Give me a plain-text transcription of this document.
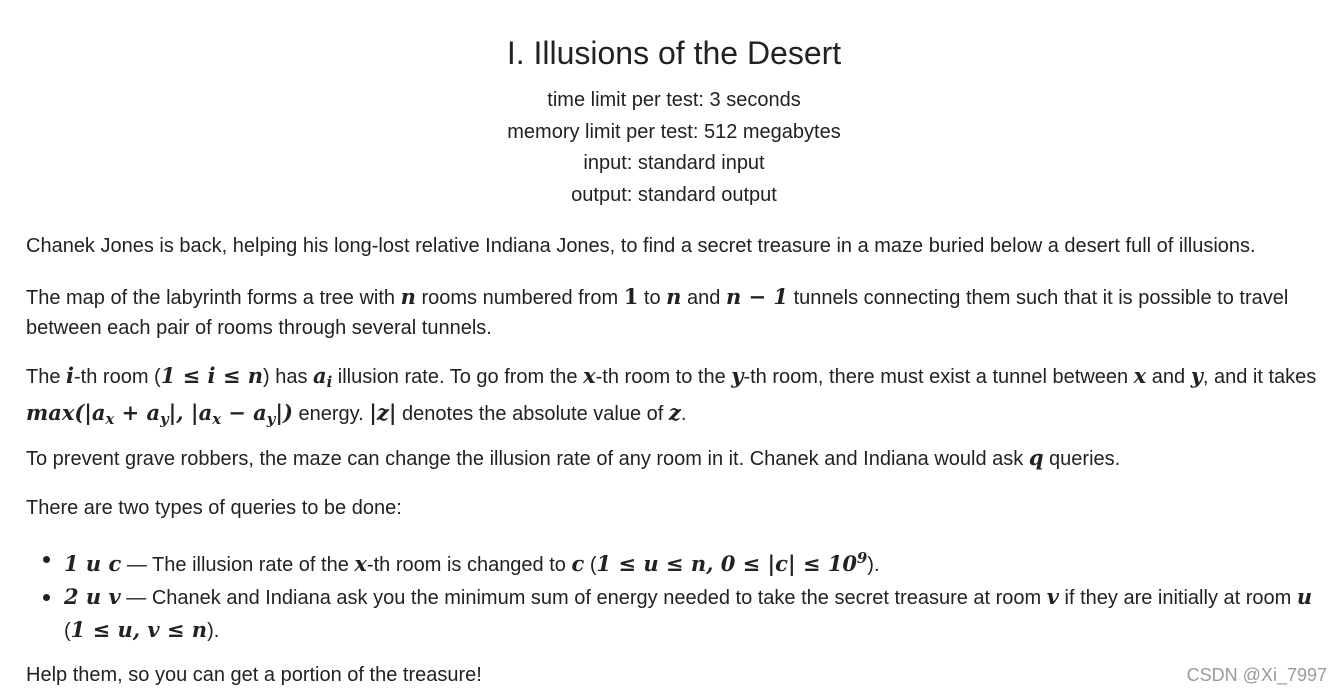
I. Illusions of the Desert
time limit per test: 3 seconds
memory limit per test: 512 megabytes
input: standard input
output: standard output
Chanek Jones is back, helping his long-lost relative Indiana Jones, to find a secret treasure in a maze buried below a desert full of illusions.
The map of the labyrinth forms a tree with n rooms numbered from 1 to n and n − 1 tunnels connecting them such that it is possible to travel between each pair of rooms through several tunnels.
The i-th room (1 ≤ i ≤ n) has $a_i$ illusion rate. To go from the x-th room to the y-th room, there must exist a tunnel between x and y, and it takes $\max(|a_x + a_y|$, $|a_x - a_y|$) energy. |z| denotes the absolute value of z.
To prevent grave robbers, the maze can change the illusion rate of any room in it. Chanek and Indiana would ask q queries.
There are two types of queries to be done:
1 u c — The illusion rate of the x-th room is changed to c (1 ≤ u ≤ n, $0 \le |c| \le 10^9$).
2 u v — Chanek and Indiana ask you the minimum sum of energy needed to take the secret treasure at room v if they are initially at room u (1 ≤ u, v ≤ n).
Help them, so you can get a portion of the treasure!	CSDN @Xi_7997
